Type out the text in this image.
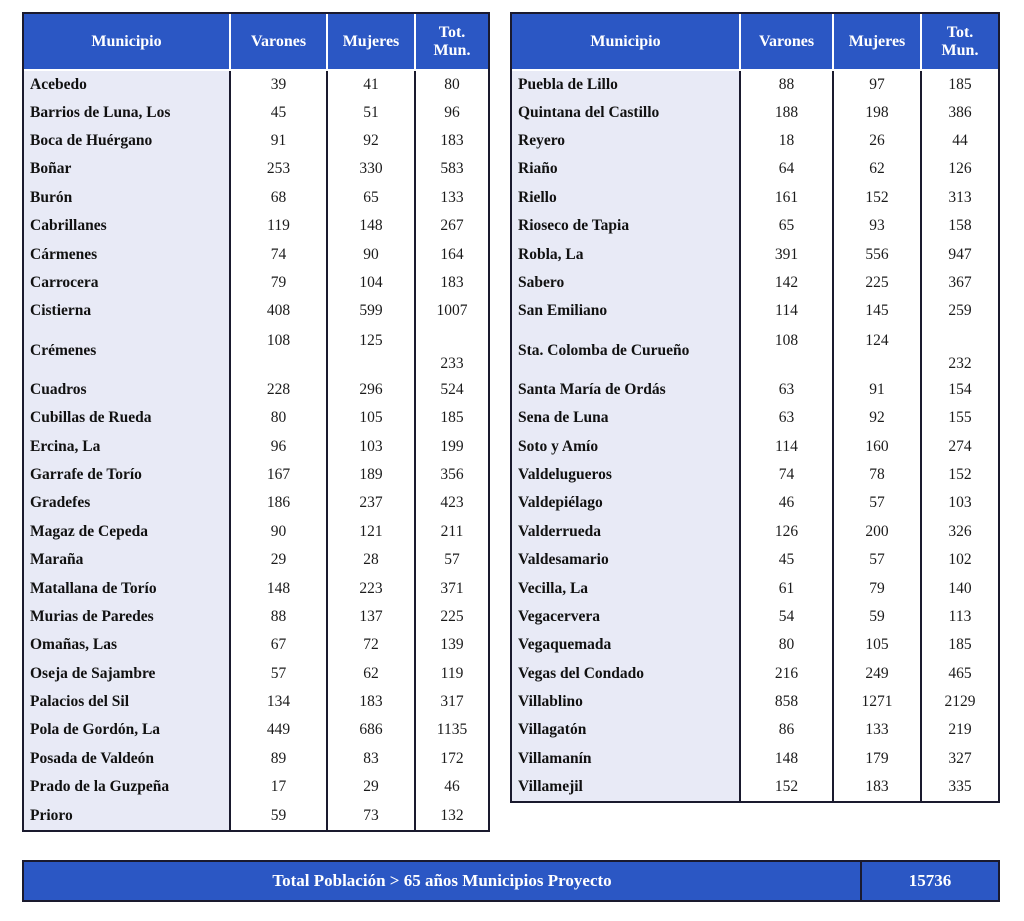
Municipio	Varones	Mujeres	Tot.
Mun.
Acebedo	39	41	80
Barrios de Luna, Los	45	51	96
Boca de Huérgano	91	92	183
Boñar	253	330	583
Burón	68	65	133
Cabrillanes	119	148	267
Cármenes	74	90	164
Carrocera	79	104	183
Cistierna	408	599	1007
Crémenes	108	125	233
Cuadros	228	296	524
Cubillas de Rueda	80	105	185
Ercina, La	96	103	199
Garrafe de Torío	167	189	356
Gradefes	186	237	423
Magaz de Cepeda	90	121	211
Maraña	29	28	57
Matallana de Torío	148	223	371
Murias de Paredes	88	137	225
Omañas, Las	67	72	139
Oseja de Sajambre	57	62	119
Palacios del Sil	134	183	317
Pola de Gordón, La	449	686	1135
Posada de Valdeón	89	83	172
Prado de la Guzpeña	17	29	46
Prioro	59	73	132
Municipio	Varones	Mujeres	Tot.
Mun.
Puebla de Lillo	88	97	185
Quintana del Castillo	188	198	386
Reyero	18	26	44
Riaño	64	62	126
Riello	161	152	313
Rioseco de Tapia	65	93	158
Robla, La	391	556	947
Sabero	142	225	367
San Emiliano	114	145	259
Sta. Colomba de Curueño	108	124	232
Santa María de Ordás	63	91	154
Sena de Luna	63	92	155
Soto y Amío	114	160	274
Valdelugueros	74	78	152
Valdepiélago	46	57	103
Valderrueda	126	200	326
Valdesamario	45	57	102
Vecilla, La	61	79	140
Vegacervera	54	59	113
Vegaquemada	80	105	185
Vegas del Condado	216	249	465
Villablino	858	1271	2129
Villagatón	86	133	219
Villamanín	148	179	327
Villamejil	152	183	335
Total Población > 65 años Municipios Proyecto	15736
